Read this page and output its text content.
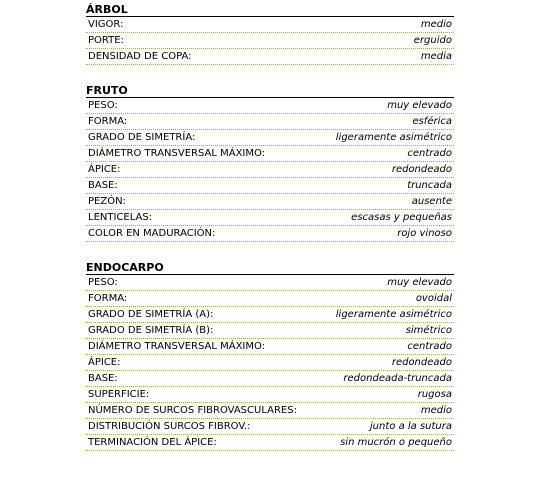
ÁRBOL
VIGOR:	medio
PORTE:	erguido
DENSIDAD DE COPA:	media
FRUTO
PESO:	muy elevado
FORMA:	esférica
GRADO DE SIMETRÍA:	ligeramente asimétrico
DIÁMETRO TRANSVERSAL MÁXIMO:	centrado
ÁPICE:	redondeado
BASE:	truncada
PEZÓN:	ausente
LENTICELAS:	escasas y pequeñas
COLOR EN MADURACIÓN:	rojo vinoso
ENDOCARPO
PESO:	muy elevado
FORMA:	ovoidal
GRADO DE SIMETRÍA (A):	ligeramente asimétrico
GRADO DE SIMETRÍA (B):	simétrico
DIÁMETRO TRANSVERSAL MÁXIMO:	centrado
ÁPICE:	redondeado
BASE:	redondeada-truncada
SUPERFICIE:	rugosa
NÚMERO DE SURCOS FIBROVASCULARES:	medio
DISTRIBUCIÓN SURCOS FIBROV.:	junto a la sutura
TERMINACIÓN DEL ÁPICE:	sin mucrón o pequeño
